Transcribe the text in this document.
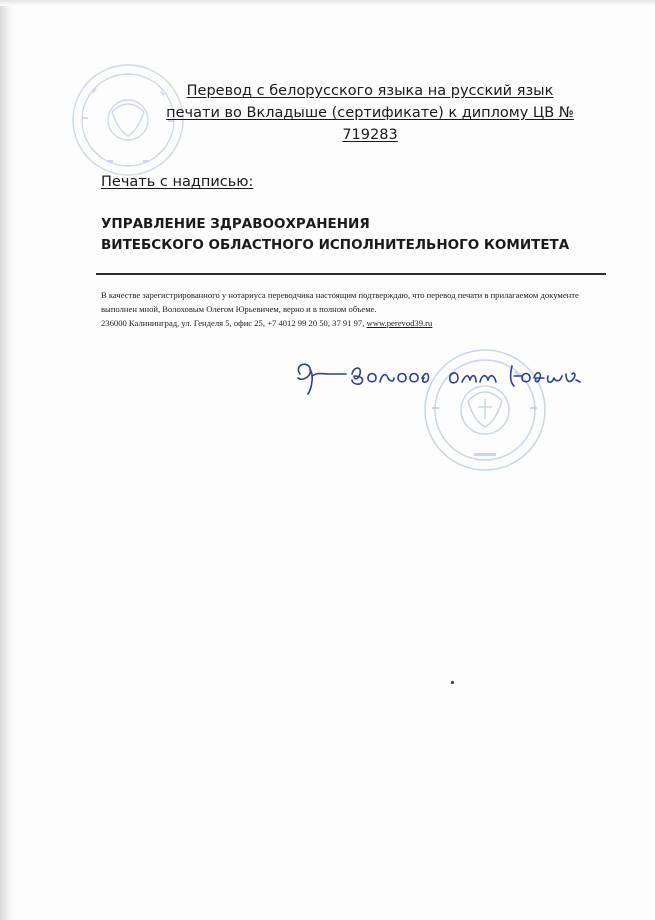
Перевод с белорусского языка на русский язык
печати во Вкладыше (сертификате) к диплому ЦВ № 719283
Печать с надписью:
УПРАВЛЕНИЕ ЗДРАВООХРАНЕНИЯ
ВИТЕБСКОГО ОБЛАСТНОГО ИСПОЛНИТЕЛЬНОГО КОМИТЕТА
В качестве зарегистрированного у нотариуса переводчика настоящим подтверждаю, что перевод печати в прилагаемом документе
выполнен мной, Волоховым Олегом Юрьевичем, верно и в полном объеме.
236000 Калининград, ул. Генделя 5, офис 25, +7 4012 99 20 50, 37 91 97, www.perevod39.ru
